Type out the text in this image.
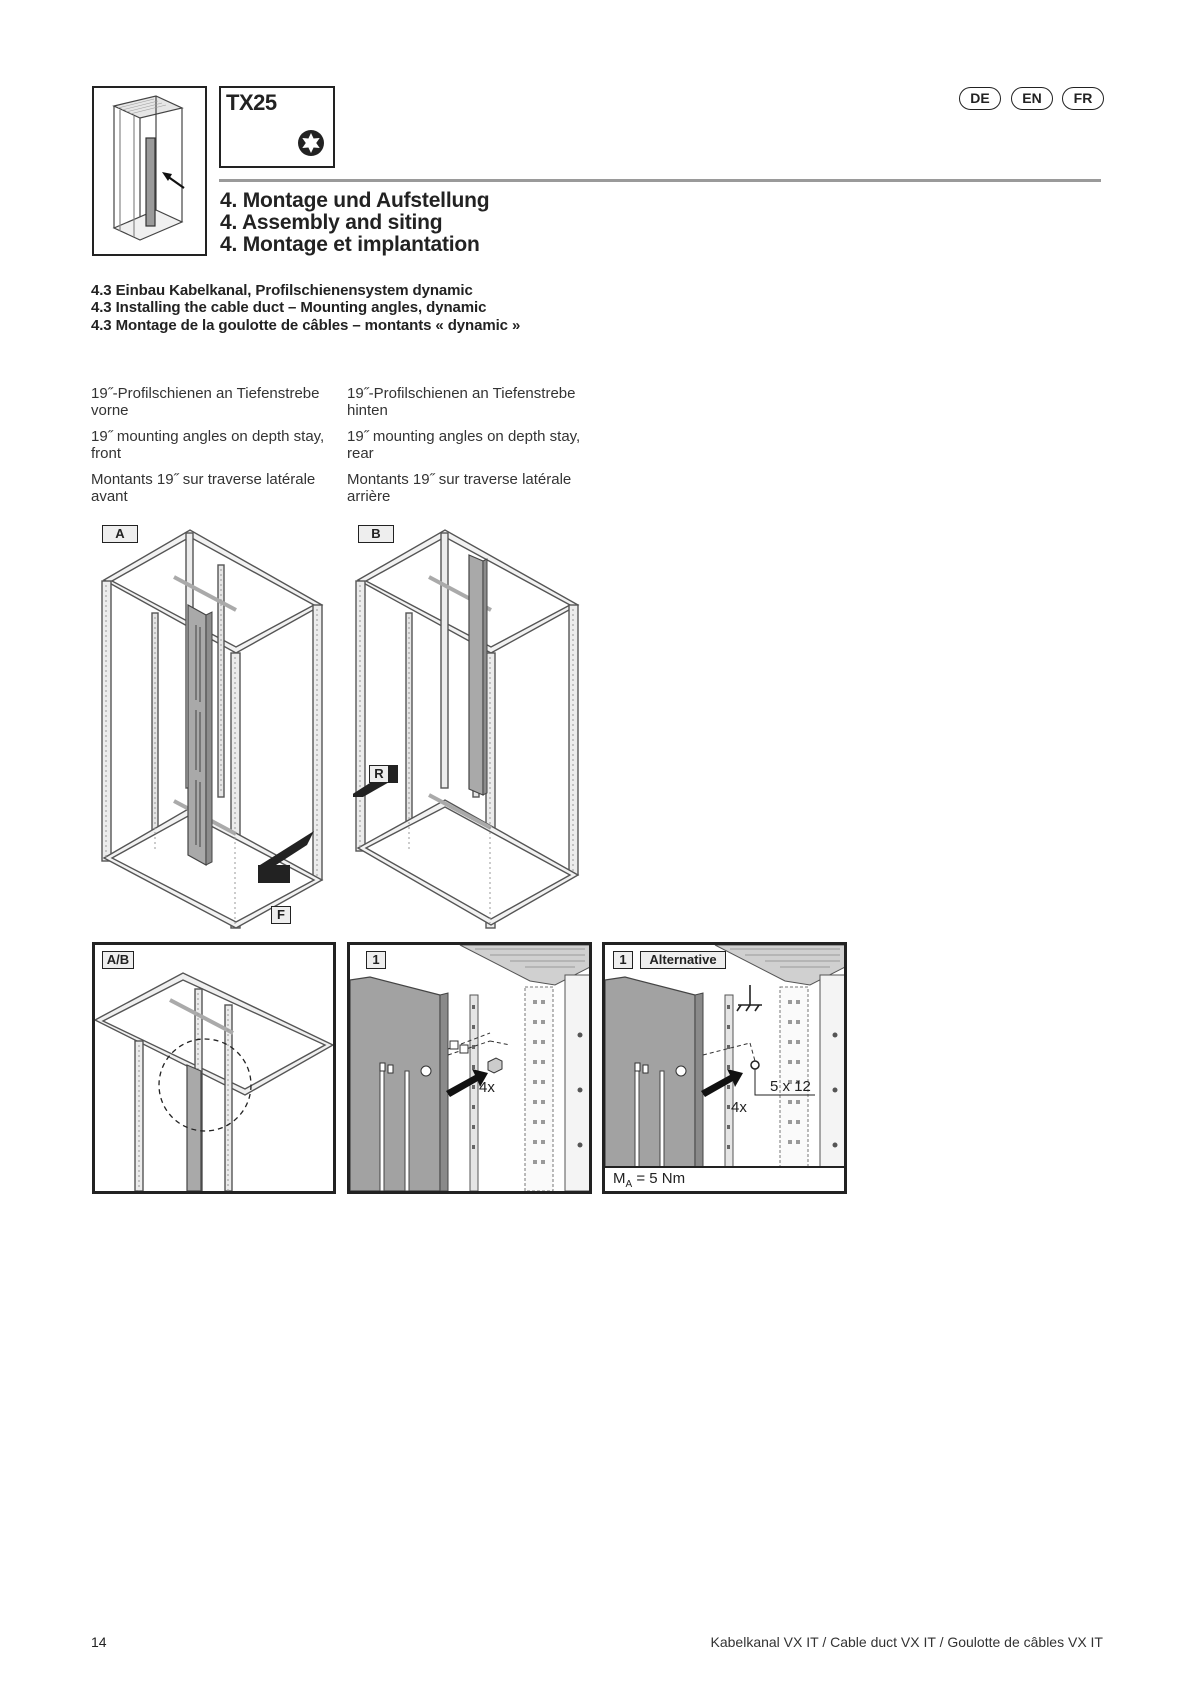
TX25	DE	EN	FR
4. Montage und Aufstellung
4. Assembly and siting
4. Montage et implantation
4.3 Einbau Kabelkanal, Profilschienensystem dynamic
4.3 Installing the cable duct – Mounting angles, dynamic
4.3 Montage de la goulotte de câbles – montants « dynamic »

19˝-Profilschienen an Tiefenstrebe vorne

19˝ mounting angles on depth stay, front

Montants 19˝ sur traverse latérale avant

19˝-Profilschienen an Tiefenstrebe hinten

19˝ mounting angles on depth stay, rear

Montants 19˝ sur traverse latérale arrière

A
F
B
R
A/B	1
4x
1	Alternative
4x
5 x 12
$M_A = 5$ Nm
14	Kabelkanal VX IT / Cable duct VX IT / Goulotte de câbles VX IT
